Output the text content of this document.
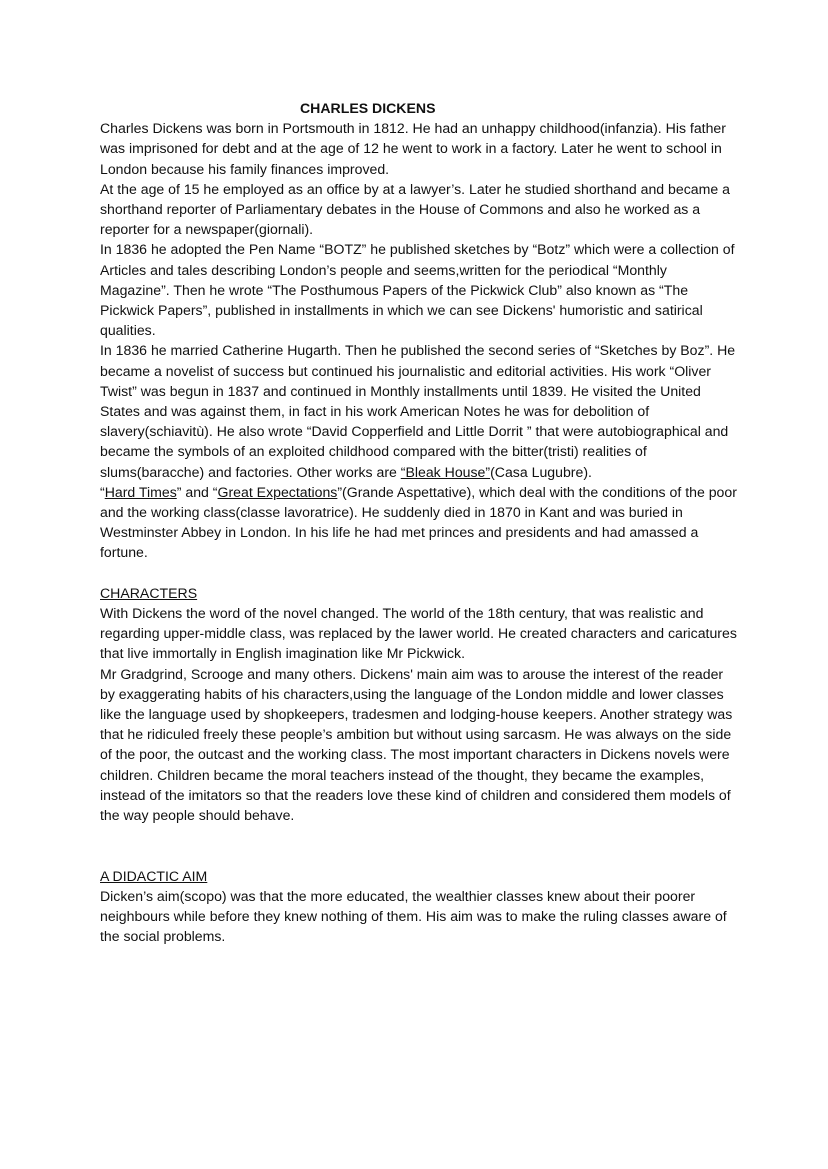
CHARLES DICKENS

Charles Dickens was born in Portsmouth in 1812. He had an unhappy childhood(infanzia). His father was imprisoned for debt and at the age of 12 he went to work in a factory. Later he went to school in London because his family finances improved.

At the age of 15 he employed as an office by at a lawyer’s. Later he studied shorthand and became a shorthand reporter of Parliamentary debates in the House of Commons and also he worked as a reporter for a newspaper(giornali).

In 1836 he adopted the Pen Name “BOTZ” he published sketches by “Botz” which were a collection of Articles and tales describing London’s people and seems,written for the periodical “Monthly Magazine”. Then he wrote “The Posthumous Papers of the Pickwick Club” also known as “The Pickwick Papers”, published in installments in which we can see Dickens' humoristic and satirical qualities.

In 1836 he married Catherine Hugarth. Then he published the second series of “Sketches by Boz”. He became a novelist of success but continued his journalistic and editorial activities. His work “Oliver Twist” was begun in 1837 and continued in Monthly installments until 1839. He visited the United States and was against them, in fact in his work American Notes he was for debolition of slavery(schiavitù). He also wrote “David Copperfield and Little Dorrit ” that were autobiographical and became the symbols of an exploited childhood compared with the bitter(tristi) realities of slums(baracche) and factories. Other works are “Bleak House”(Casa Lugubre).

“Hard Times” and “Great Expectations”(Grande Aspettative), which deal with the conditions of the poor and the working class(classe lavoratrice). He suddenly died in 1870 in Kant and was buried in Westminster Abbey in London. In his life he had met princes and presidents and had amassed a fortune.

CHARACTERS

With Dickens the word of the novel changed. The world of the 18th century, that was realistic and regarding upper-middle class, was replaced by the lawer world. He created characters and caricatures that live immortally in English imagination like Mr Pickwick.

Mr Gradgrind, Scrooge and many others. Dickens' main aim was to arouse the interest of the reader by exaggerating habits of his characters,using the language of the London middle and lower classes like the language used by shopkeepers, tradesmen and lodging-house keepers. Another strategy was that he ridiculed freely these people’s ambition but without using sarcasm. He was always on the side of the poor, the outcast and the working class. The most important characters in Dickens novels were children. Children became the moral teachers instead of the thought, they became the examples, instead of the imitators so that the readers love these kind of children and considered them models of the way people should behave.

A DIDACTIC AIM

Dicken’s aim(scopo) was that the more educated, the wealthier classes knew about their poorer neighbours while before they knew nothing of them. His aim was to make the ruling classes aware of the social problems.
